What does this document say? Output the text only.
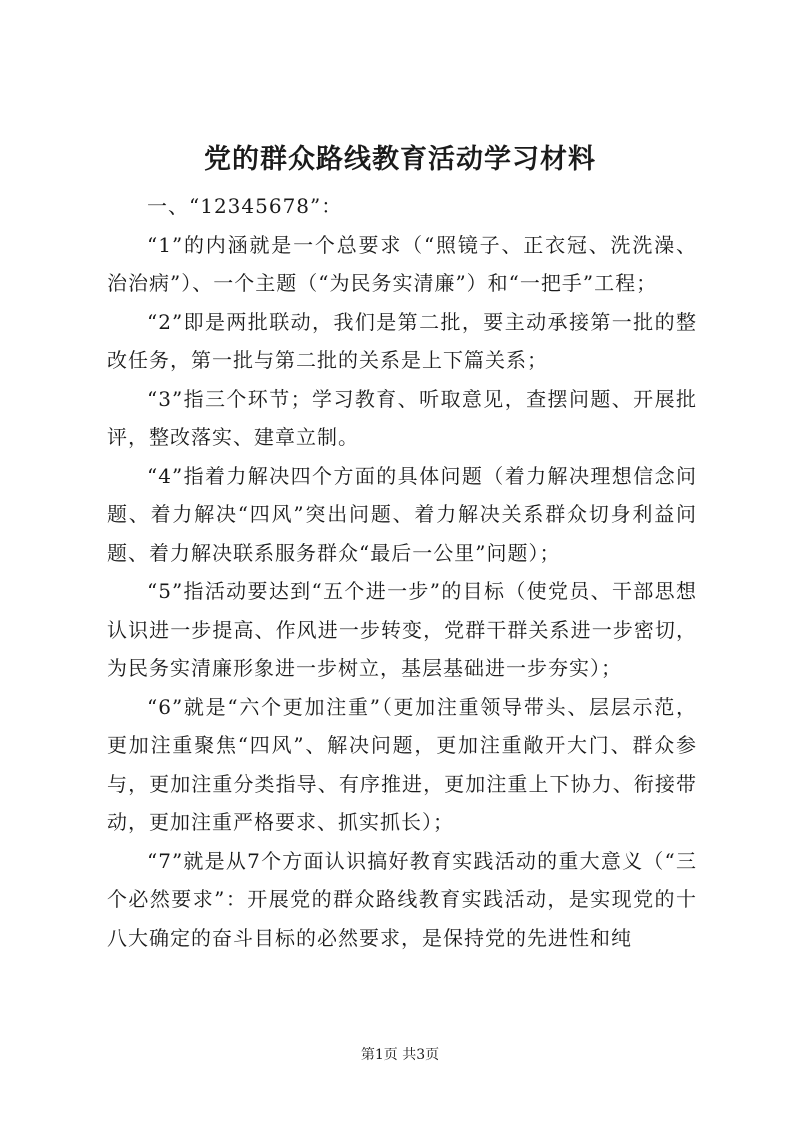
党的群众路线教育活动学习材料

一、“12345678”：

“1”的内涵就是一个总要求（“照镜子、正衣冠、洗洗澡、治治病”）、一个主题（“为民务实清廉”）和“一把手”工程；

“2”即是两批联动，我们是第二批，要主动承接第一批的整改任务，第一批与第二批的关系是上下篇关系；

“3”指三个环节；学习教育、听取意见，查摆问题、开展批评，整改落实、建章立制。

“4”指着力解决四个方面的具体问题（着力解决理想信念问题、着力解决“四风”突出问题、着力解决关系群众切身利益问题、着力解决联系服务群众“最后一公里”问题）；

“5”指活动要达到“五个进一步”的目标（使党员、干部思想认识进一步提高、作风进一步转变，党群干群关系进一步密切，为民务实清廉形象进一步树立，基层基础进一步夯实）；

“6”就是“六个更加注重”（更加注重领导带头、层层示范，更加注重聚焦“四风”、解决问题，更加注重敞开大门、群众参与，更加注重分类指导、有序推进，更加注重上下协力、衔接带动，更加注重严格要求、抓实抓长）；

“7”就是从7个方面认识搞好教育实践活动的重大意义（“三个必然要求”：开展党的群众路线教育实践活动，是实现党的十八大确定的奋斗目标的必然要求，是保持党的先进性和纯

第1页 共3页
